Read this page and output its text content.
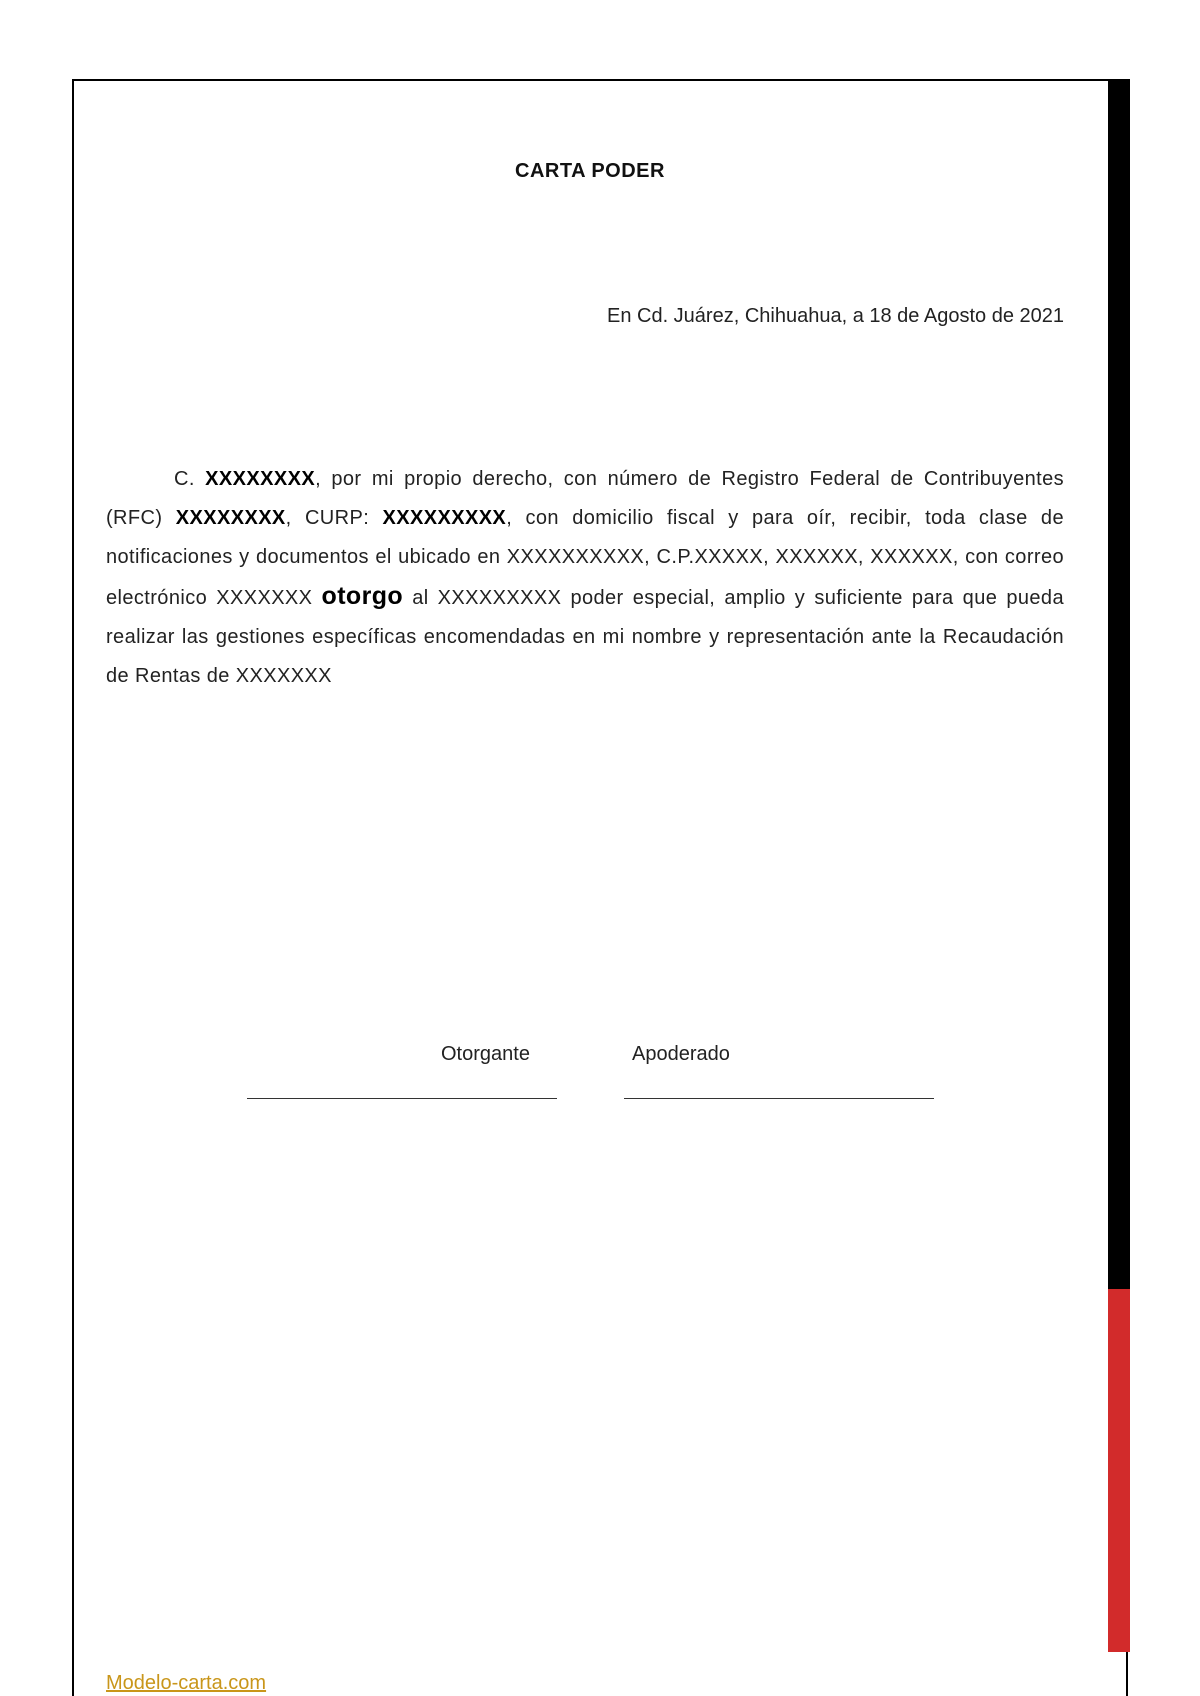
CARTA PODER
En Cd. Juárez, Chihuahua, a 18 de Agosto de 2021
C. XXXXXXXX, por mi propio derecho, con número de Registro Federal de Contribuyentes (RFC) XXXXXXXX, CURP: XXXXXXXXX, con domicilio fiscal y para oír, recibir, toda clase de notificaciones y documentos el ubicado en XXXXXXXXXX, C.P.XXXXX, XXXXXX, XXXXXX, con correo electrónico XXXXXXX otorgo al XXXXXXXXX poder especial, amplio y suficiente para que pueda realizar las gestiones específicas encomendadas en mi nombre y representación ante la Recaudación de Rentas de XXXXXXX
Otorgante	Apoderado
Modelo-carta.com
